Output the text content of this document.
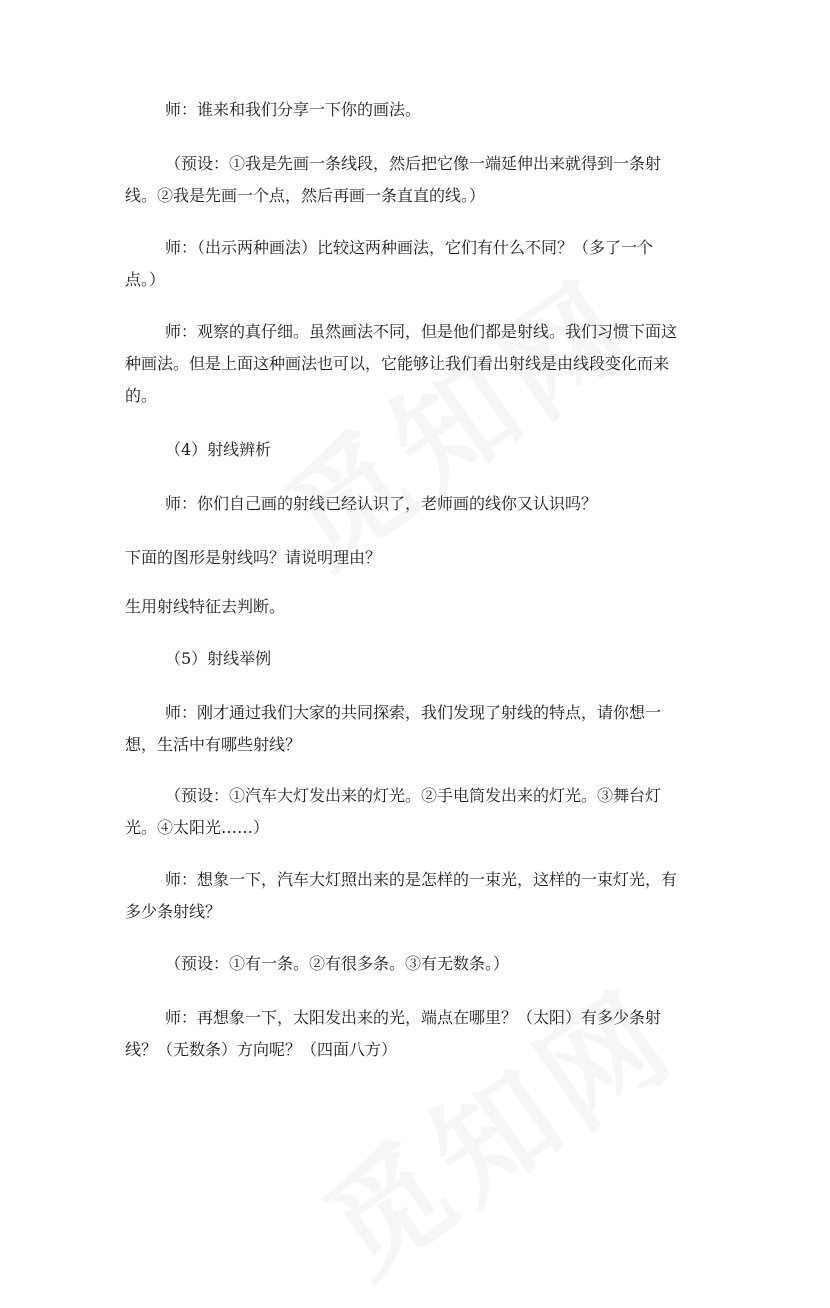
师：谁来和我们分享一下你的画法。
（预设：①我是先画一条线段，然后把它像一端延伸出来就得到一条射
线。②我是先画一个点，然后再画一条直直的线。）
师：（出示两种画法）比较这两种画法，它们有什么不同？（多了一个
点。）
师：观察的真仔细。虽然画法不同，但是他们都是射线。我们习惯下面这
种画法。但是上面这种画法也可以，它能够让我们看出射线是由线段变化而来
的。
（4）射线辨析
师：你们自己画的射线已经认识了，老师画的线你又认识吗？
下面的图形是射线吗？请说明理由？
生用射线特征去判断。
（5）射线举例
师：刚才通过我们大家的共同探索，我们发现了射线的特点，请你想一
想，生活中有哪些射线？
（预设：①汽车大灯发出来的灯光。②手电筒发出来的灯光。③舞台灯
光。④太阳光……）
师：想象一下，汽车大灯照出来的是怎样的一束光，这样的一束灯光，有
多少条射线？
（预设：①有一条。②有很多条。③有无数条。）
师：再想象一下，太阳发出来的光，端点在哪里？（太阳）有多少条射
线？（无数条）方向呢？（四面八方）
